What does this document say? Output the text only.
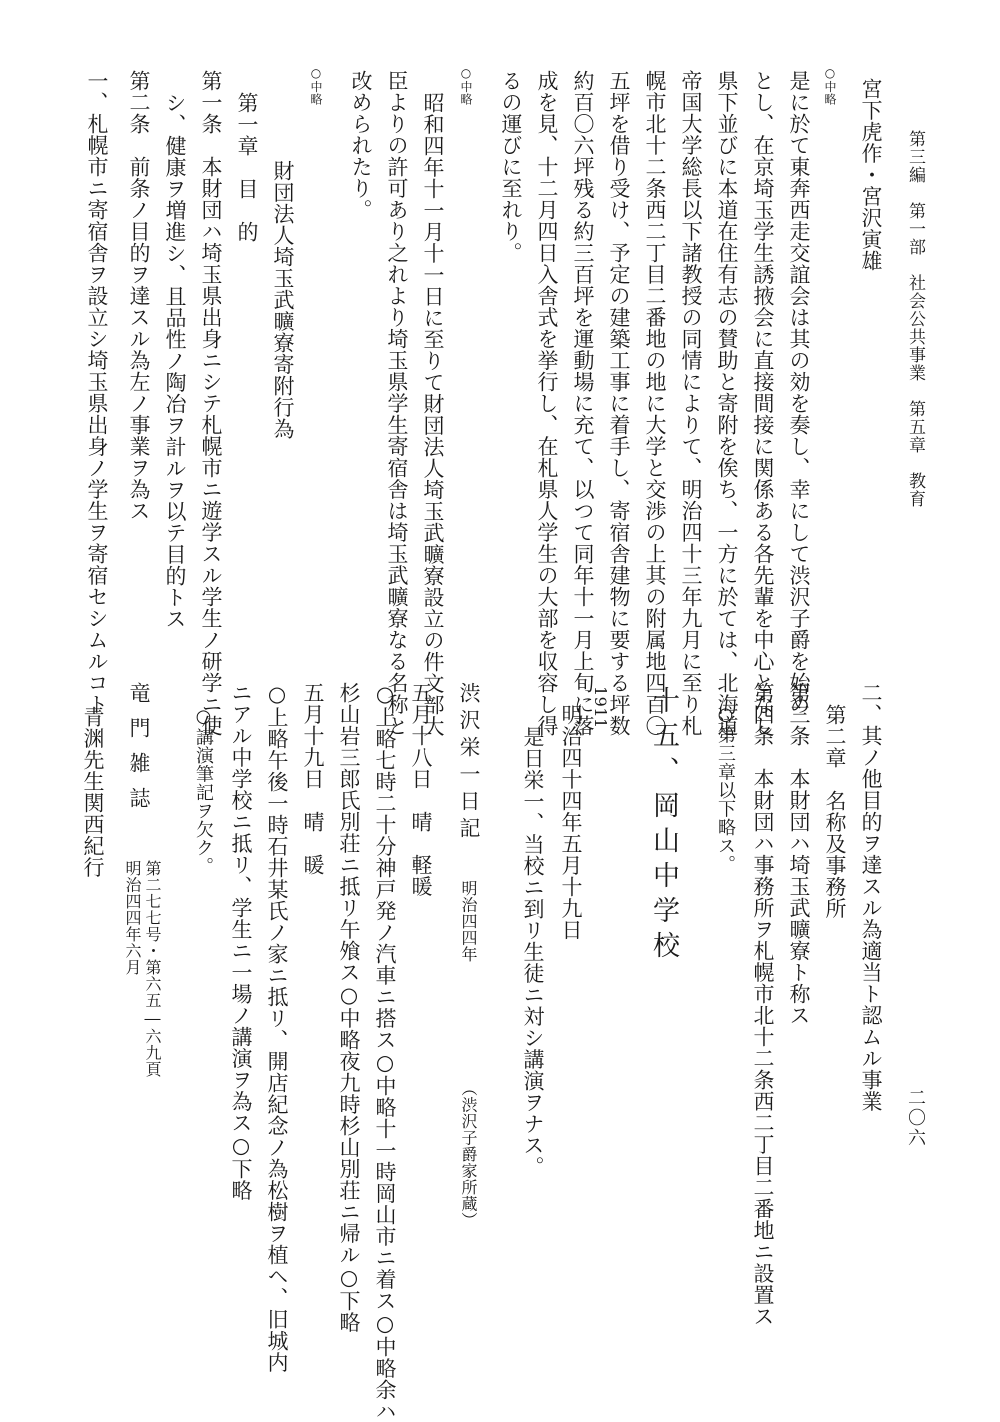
第三編　第一部　社会公共事業　第五章　教育
二〇六
宮下虎作・宮沢寅雄
○中略
是に於て東奔西走交誼会は其の効を奏し、幸にして渋沢子爵を始め
とし、在京埼玉学生誘掖会に直接間接に関係ある各先輩を中心となし
県下並びに本道在住有志の賛助と寄附を俟ち、一方に於ては、北海道
帝国大学総長以下諸教授の同情によりて、明治四十三年九月に至り札
幌市北十二条西二丁目二番地の地に大学と交渉の上其の附属地四百〇
五坪を借り受け、予定の建築工事に着手し、寄宿舎建物に要する坪数
約百〇六坪残る約三百坪を運動場に充て、以つて同年十一月上旬に落
成を見、十二月四日入舎式を挙行し、在札県人学生の大部を収容し得
るの運びに至れり。
○中略
昭和四年十一月十一日に至りて財団法人埼玉武曠寮設立の件文部大
臣よりの許可あり之れより埼玉県学生寄宿舎は埼玉武曠寮なる名称と
改められたり。
○中略
財団法人埼玉武曠寮寄附行為
第一章　目　的
第一条　本財団ハ埼玉県出身ニシテ札幌市ニ遊学スル学生ノ研学ニ使
シ、健康ヲ増進シ、且品性ノ陶冶ヲ計ルヲ以テ目的トス
第二条　前条ノ目的ヲ達スル為左ノ事業ヲ為ス
一、札幌市ニ寄宿舎ヲ設立シ埼玉県出身ノ学生ヲ寄宿セシムルコト
二、其ノ他目的ヲ達スル為適当ト認ムル事業
第二章　名称及事務所
第三条　本財団ハ埼玉武曠寮ト称ス
第四条　本財団ハ事務所ヲ札幌市北十二条西二丁目二番地ニ設置ス
○第三章以下略ス。
十五、岡山中学校
1911
明治四十四年五月十九日
是日栄一、当校ニ到リ生徒ニ対シ講演ヲナス。
渋沢栄一日記
明治四四年
（渋沢子爵家所蔵）
五月十八日　晴　軽暖
○上略七時二十分神戸発ノ汽車ニ搭ス○中略十一時岡山市ニ着ス○中略余ハ
杉山岩三郎氏別荘ニ抵リ午飧ス○中略夜九時杉山別荘ニ帰ル○下略
五月十九日　晴　暖
○上略午後一時石井某氏ノ家ニ抵リ、開店紀念ノ為松樹ヲ植ヘ、旧城内
ニアル中学校ニ抵リ、学生ニ一場ノ講演ヲ為ス○下略
○講演筆記ヲ欠ク。
竜門雑誌
第二七七号・第六五―六九頁
明治四四年六月
青渊先生関西紀行
